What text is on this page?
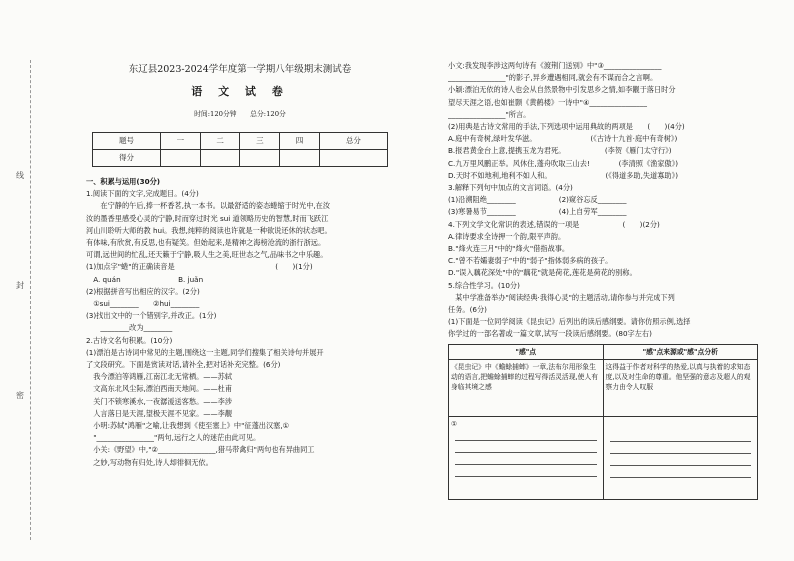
线
封
密
东辽县2023-2024学年度第一学期八年级期末测试卷
语 文 试 卷
时间:120分钟　　总分:120分
题号	一	二	三	四	总分
得分					
一、积累与运用(30分)
1.阅读下面的文字,完成题目。(4分)
　　在宁静的午后,捧一杯香茗,执一本书。以最舒适的姿态蜷缩于时光中,在汝
汝的墨香里感受心灵的宁静,时而穿过时光 sui 道领略历史的智慧,时而飞跃江
河山川聆听大师的教 hui。我想,纯粹的阅读也许就是一种欲说还休的状态吧。
有体味,有欣赏,有反思,也有疑笑。但始起来,是精神之海榜沧流的浙行浙远。
可谓,远世间的忙乱,还天籁于宁静,吸人生之美,旺世态之气,品味书之中乐趣。
(1)加点字"蜷"的正确读音是　　　　　　　　　　　　　　(　　)(1分)
　A. quán　　　　　　　　B. juǎn
(2)根据拼音写出相应的汉字。(2分)
　①sui________　　②hui________
(3)找出文中的一个错别字,并改正。(1分)
　　________改为________
2.古诗文名句积累。(10分)
(1)漂泊是古诗词中常见的主题,围绕这一主题,同学们搜集了相关诗句并展开
了文段研究。下面是赏读对话,请补全,把对话补充完整。(6分)
　我今漂泊等鸿雁,江南江北无常栖。——苏轼
　文高东北风尘际,漂泊西南天地间。——杜甫
　关门不锁寒溪水,一夜潺湲送客愁。——李涉
　人言落日是天涯,望极天涯不见家。——李觏
　小明:苏轼"鸿雁"之喻,让我想到《使至塞上》中"征蓬出汉塞,①
　"________________"两句,远行之人的迷茫由此可见。
　小关:《野望》中,"②________________,猎马带禽归"两句也有异曲同工
　之妙,写动物有归处,诗人却徘徊无依。
小文:我发现李涉这两句诗有《渡荆门送别》中"③________________
________________"的影子,异乡遭遇相同,就会有不谋而合之言啊。
小颖:漂泊无依的诗人也会从自然景物中引发思乡之情,如李觏于落日时分
望尽天涯之语,也如崔颢《黄鹤楼》一诗中"④________________
________________"所言。
(2)用典是古诗文常用的手法,下列选项中运用典故的两项是　　(　　)(4分)
A.庭中有奇树,绿叶发华滋。　　　　　　　　(《古诗十九首·庭中有奇树》)
B.报君黄金台上意,提携玉龙为君死。　　　　　　(李贺《雁门太守行》)
C.九万里风鹏正举。风休住,蓬舟吹取三山去!　　　　(李清照《渔家傲》)
D.天时不如地利,地利不如人和。　　　　　　　　(《得道多助,失道寡助》)
3.解释下列句中加点的文言词语。(4分)
(1)沿溯阻绝________　　　　　　(2)窥谷忘反________
(3)寒暑易节________　　　　　　(4)上自劳军________
4.下列文学文化常识的表述,错误的一项是　　　　　　(　　)(2分)
A.律诗要求全诗押一个韵,限平声韵。
B."烽火连三月"中的"烽火"借指战事。
C."曾不若孀妻弱子"中的"弱子"指体弱多病的孩子。
D."误入藕花深处"中的"藕花"就是荷花,莲花是荷花的别称。
5.综合性学习。(10分)
　某中学准备举办"阅读经典·我得心灵"的主题活动,请你参与并完成下列
任务。(6分)
(1)下面是一位同学阅读《昆虫记》后列出的读后感纲要。请你仿照示例,选择
你学过的一部名著或一篇文章,试写一段读后感纲要。(80字左右)
"感"点	"感"点来源或"感"点分析
《昆虫记》中《蟾蜍捕蟀》一章,法布尔用形象生动的语言,把蟾蜍捕蟀的过程写得活灵活现,使人有身临其境之感	这得益于作者对科学的热爱,以真与执着的求知态度,以及对生命的尊重。他坚强的意志及超人的观察力由令人叹服
①
